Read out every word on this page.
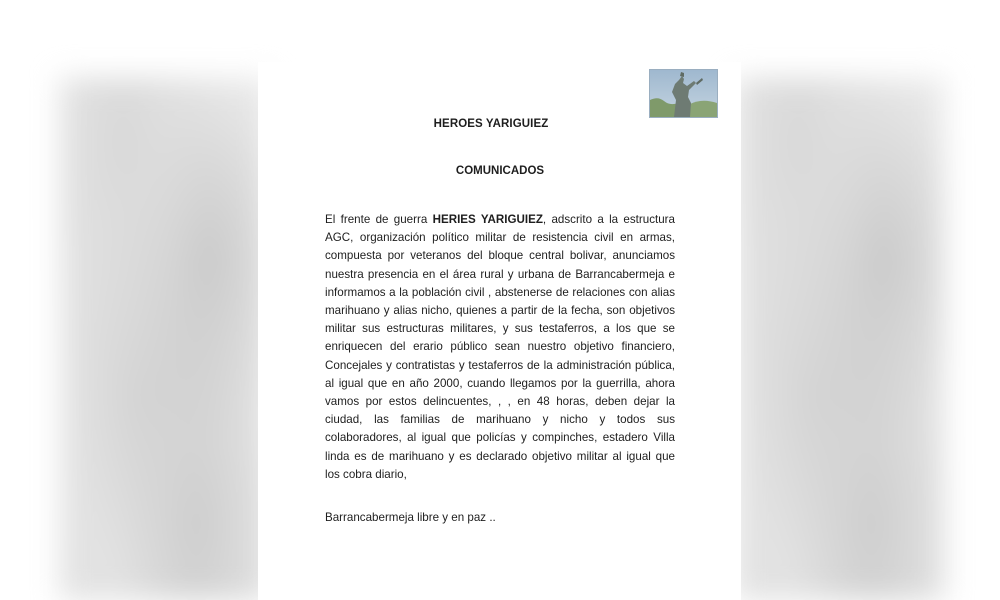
HEROES YARIGUIEZ
COMUNICADOS
El frente de guerra HERIES YARIGUIEZ, adscrito a la estructura AGC, organización político militar de resistencia civil en armas, compuesta por veteranos del bloque central bolivar, anunciamos nuestra presencia en el área rural y urbana de Barrancabermeja e informamos a la población civil , abstenerse de relaciones con alias marihuano y alias nicho, quienes a partir de la fecha, son objetivos militar sus estructuras militares, y sus testaferros, a los que se enriquecen del erario público sean nuestro objetivo financiero, Concejales y contratistas y testaferros de la administración pública, al igual que en año 2000, cuando llegamos por la guerrilla, ahora vamos por estos delincuentes, , , en 48 horas, deben dejar la ciudad, las familias de marihuano y nicho y todos sus colaboradores, al igual que policías y compinches, estadero Villa linda es de marihuano y es declarado objetivo militar al igual que los cobra diario,
Barrancabermeja libre y en paz ..
